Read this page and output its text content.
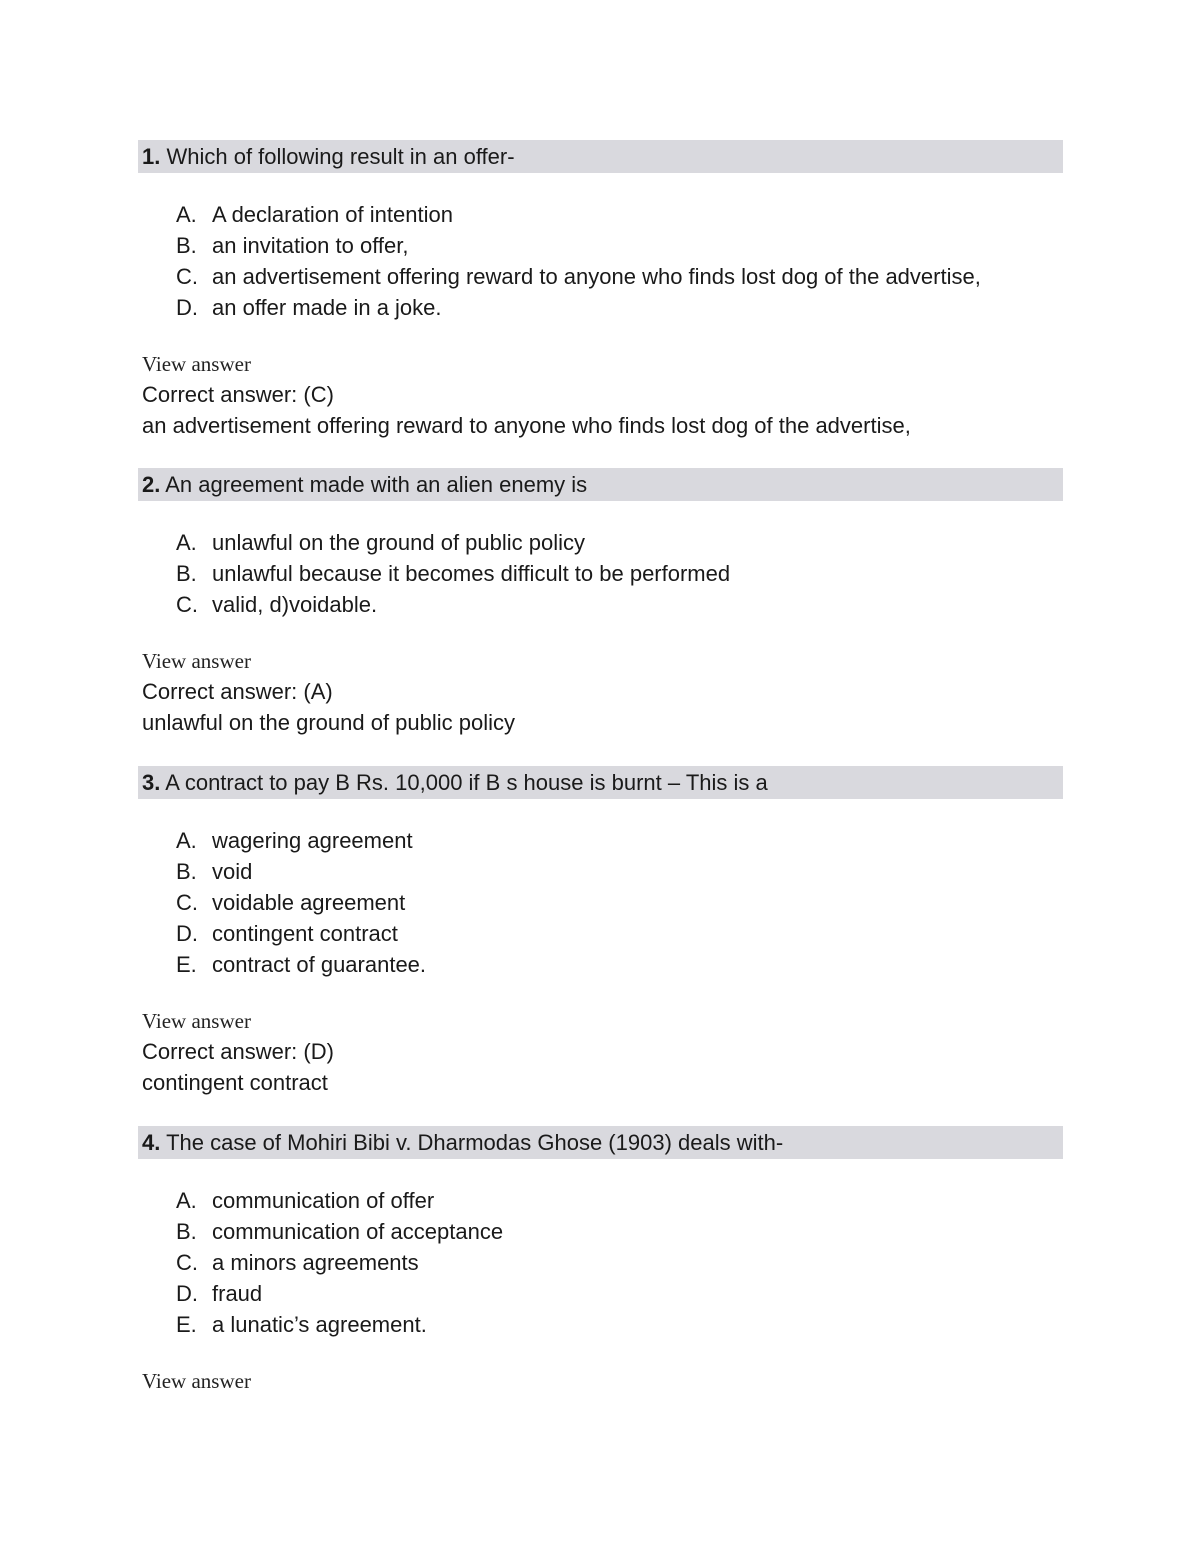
1. Which of following result in an offer-
A. A declaration of intention
B. an invitation to offer,
C. an advertisement offering reward to anyone who finds lost dog of the advertise,
D. an offer made in a joke.
View answer
Correct answer: (C)
an advertisement offering reward to anyone who finds lost dog of the advertise,
2. An agreement made with an alien enemy is
A. unlawful on the ground of public policy
B. unlawful because it becomes difficult to be performed
C. valid, d)voidable.
View answer
Correct answer: (A)
unlawful on the ground of public policy
3. A contract to pay B Rs. 10,000 if B s house is burnt – This is a
A. wagering agreement
B. void
C. voidable agreement
D. contingent contract
E. contract of guarantee.
View answer
Correct answer: (D)
contingent contract
4. The case of Mohiri Bibi v. Dharmodas Ghose (1903) deals with-
A. communication of offer
B. communication of acceptance
C. a minors agreements
D. fraud
E. a lunatic’s agreement.
View answer
